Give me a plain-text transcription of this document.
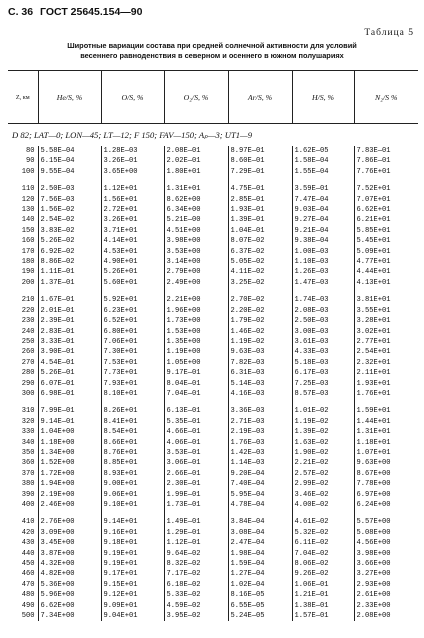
С. 36 ГОСТ 25645.154—90
Таблица 5
Широтные вариации состава при средней солнечной активности для условий
весеннего равноденствия в северном и осеннего в южном полушариях
Z, км	He/S, %	O/S, %	O₂/S, %	Ar/S, %	H/S, %	N₂/S %
D 82; LAT—0; LON—45; LT—12; F 150; FAV—150; Aₚ—3; UT1—9						
80	5.58E—04	1.28E—03	2.08E—01	8.97E—01	1.62E—05	7.83E—01
90	6.15E—04	3.26E—01	2.02E—01	8.60E—01	1.58E—04	7.86E—01
100	9.55E—04	3.65E+00	1.80E+01	7.29E—01	1.55E—04	7.76E+01

110	2.50E—03	1.12E+01	1.31E+01	4.75E—01	3.59E—01	7.52E+01
120	7.56E—03	1.56E+01	8.62E+00	2.85E—01	7.47E—04	7.07E+01
130	1.56E—02	2.72E+01	6.34E+00	1.93E—01	9.03E—04	6.62E+01
140	2.54E—02	3.26E+01	5.21E—00	1.39E—01	9.27E—04	6.21E+01
150	3.83E—02	3.71E+01	4.51E+00	1.04E—01	9.21E—04	5.85E+01
160	5.26E—02	4.14E+01	3.98E+00	8.07E—02	9.38E—04	5.45E+01
170	6.92E—02	4.53E+01	3.53E+00	6.37E—02	1.00E—03	5.09E+01
180	8.86E—02	4.90E+01	3.14E+00	5.05E—02	1.10E—03	4.77E+01
190	1.11E—01	5.26E+01	2.79E+00	4.11E—02	1.26E—03	4.44E+01
200	1.37E—01	5.60E+01	2.49E+00	3.25E—02	1.47E—03	4.13E+01

210	1.67E—01	5.92E+01	2.21E+00	2.70E—02	1.74E—03	3.81E+01
220	2.01E—01	6.23E+01	1.96E+00	2.20E—02	2.08E—03	3.55E+01
230	2.39E—01	6.52E+01	1.73E+00	1.79E—02	2.50E—03	3.28E+01
240	2.83E—01	6.80E+01	1.53E+00	1.46E—02	3.00E—03	3.02E+01
250	3.33E—01	7.06E+01	1.35E+00	1.19E—02	3.61E—03	2.77E+01
260	3.90E—01	7.30E+01	1.19E+00	9.63E—03	4.33E—03	2.54E+01
270	4.54E—01	7.53E+01	1.05E+00	7.82E—03	5.18E—03	2.32E+01
280	5.26E—01	7.73E+01	9.17E—01	6.31E—03	6.17E—03	2.11E+01
290	6.07E—01	7.93E+01	8.04E—01	5.14E—03	7.25E—03	1.93E+01
300	6.98E—01	8.10E+01	7.04E—01	4.16E—03	8.57E—03	1.76E+01

310	7.99E—01	8.26E+01	6.13E—01	3.36E—03	1.01E—02	1.59E+01
320	9.14E—01	8.41E+01	5.35E—01	2.71E—03	1.19E—02	1.44E+01
330	1.04E+00	8.54E+01	4.66E—01	2.19E—03	1.39E—02	1.31E+01
340	1.18E+00	8.66E+01	4.06E—01	1.76E—03	1.63E—02	1.18E+01
350	1.34E+00	8.76E+01	3.53E—01	1.42E—03	1.90E—02	1.07E+01
360	1.52E+00	8.85E+01	3.06E—01	1.14E—03	2.21E—02	9.63E+00
370	1.72E+00	8.93E+01	2.66E—01	9.20E—04	2.57E—02	8.67E+00
380	1.94E+00	9.00E+01	2.30E—01	7.40E—04	2.99E—02	7.78E+00
390	2.19E+00	9.06E+01	1.99E—01	5.95E—04	3.46E—02	6.97E+00
400	2.46E+00	9.10E+01	1.73E—01	4.78E—04	4.00E—02	6.24E+00

410	2.76E+00	9.14E+01	1.49E—01	3.84E—04	4.61E—02	5.57E+00
420	3.09E+00	9.16E+01	1.29E—01	3.08E—04	5.32E—02	5.08E+00
430	3.45E+00	9.18E+01	1.12E—01	2.47E—04	6.11E—02	4.56E+00
440	3.87E+00	9.19E+01	9.64E—02	1.98E—04	7.04E—02	3.98E+00
450	4.32E+00	9.19E+01	8.32E—02	1.59E—04	8.06E—02	3.66E+00
460	4.82E+00	9.17E+01	7.17E—02	1.27E—04	9.26E—02	3.27E+00
470	5.36E+00	9.15E+01	6.18E—02	1.02E—04	1.06E—01	2.93E+00
480	5.96E+00	9.12E+01	5.33E—02	8.16E—05	1.21E—01	2.61E+00
490	6.62E+00	9.09E+01	4.59E—02	6.55E—05	1.38E—01	2.33E+00
500	7.34E+00	9.04E+01	3.95E—02	5.24E—05	1.57E—01	2.08E+00
